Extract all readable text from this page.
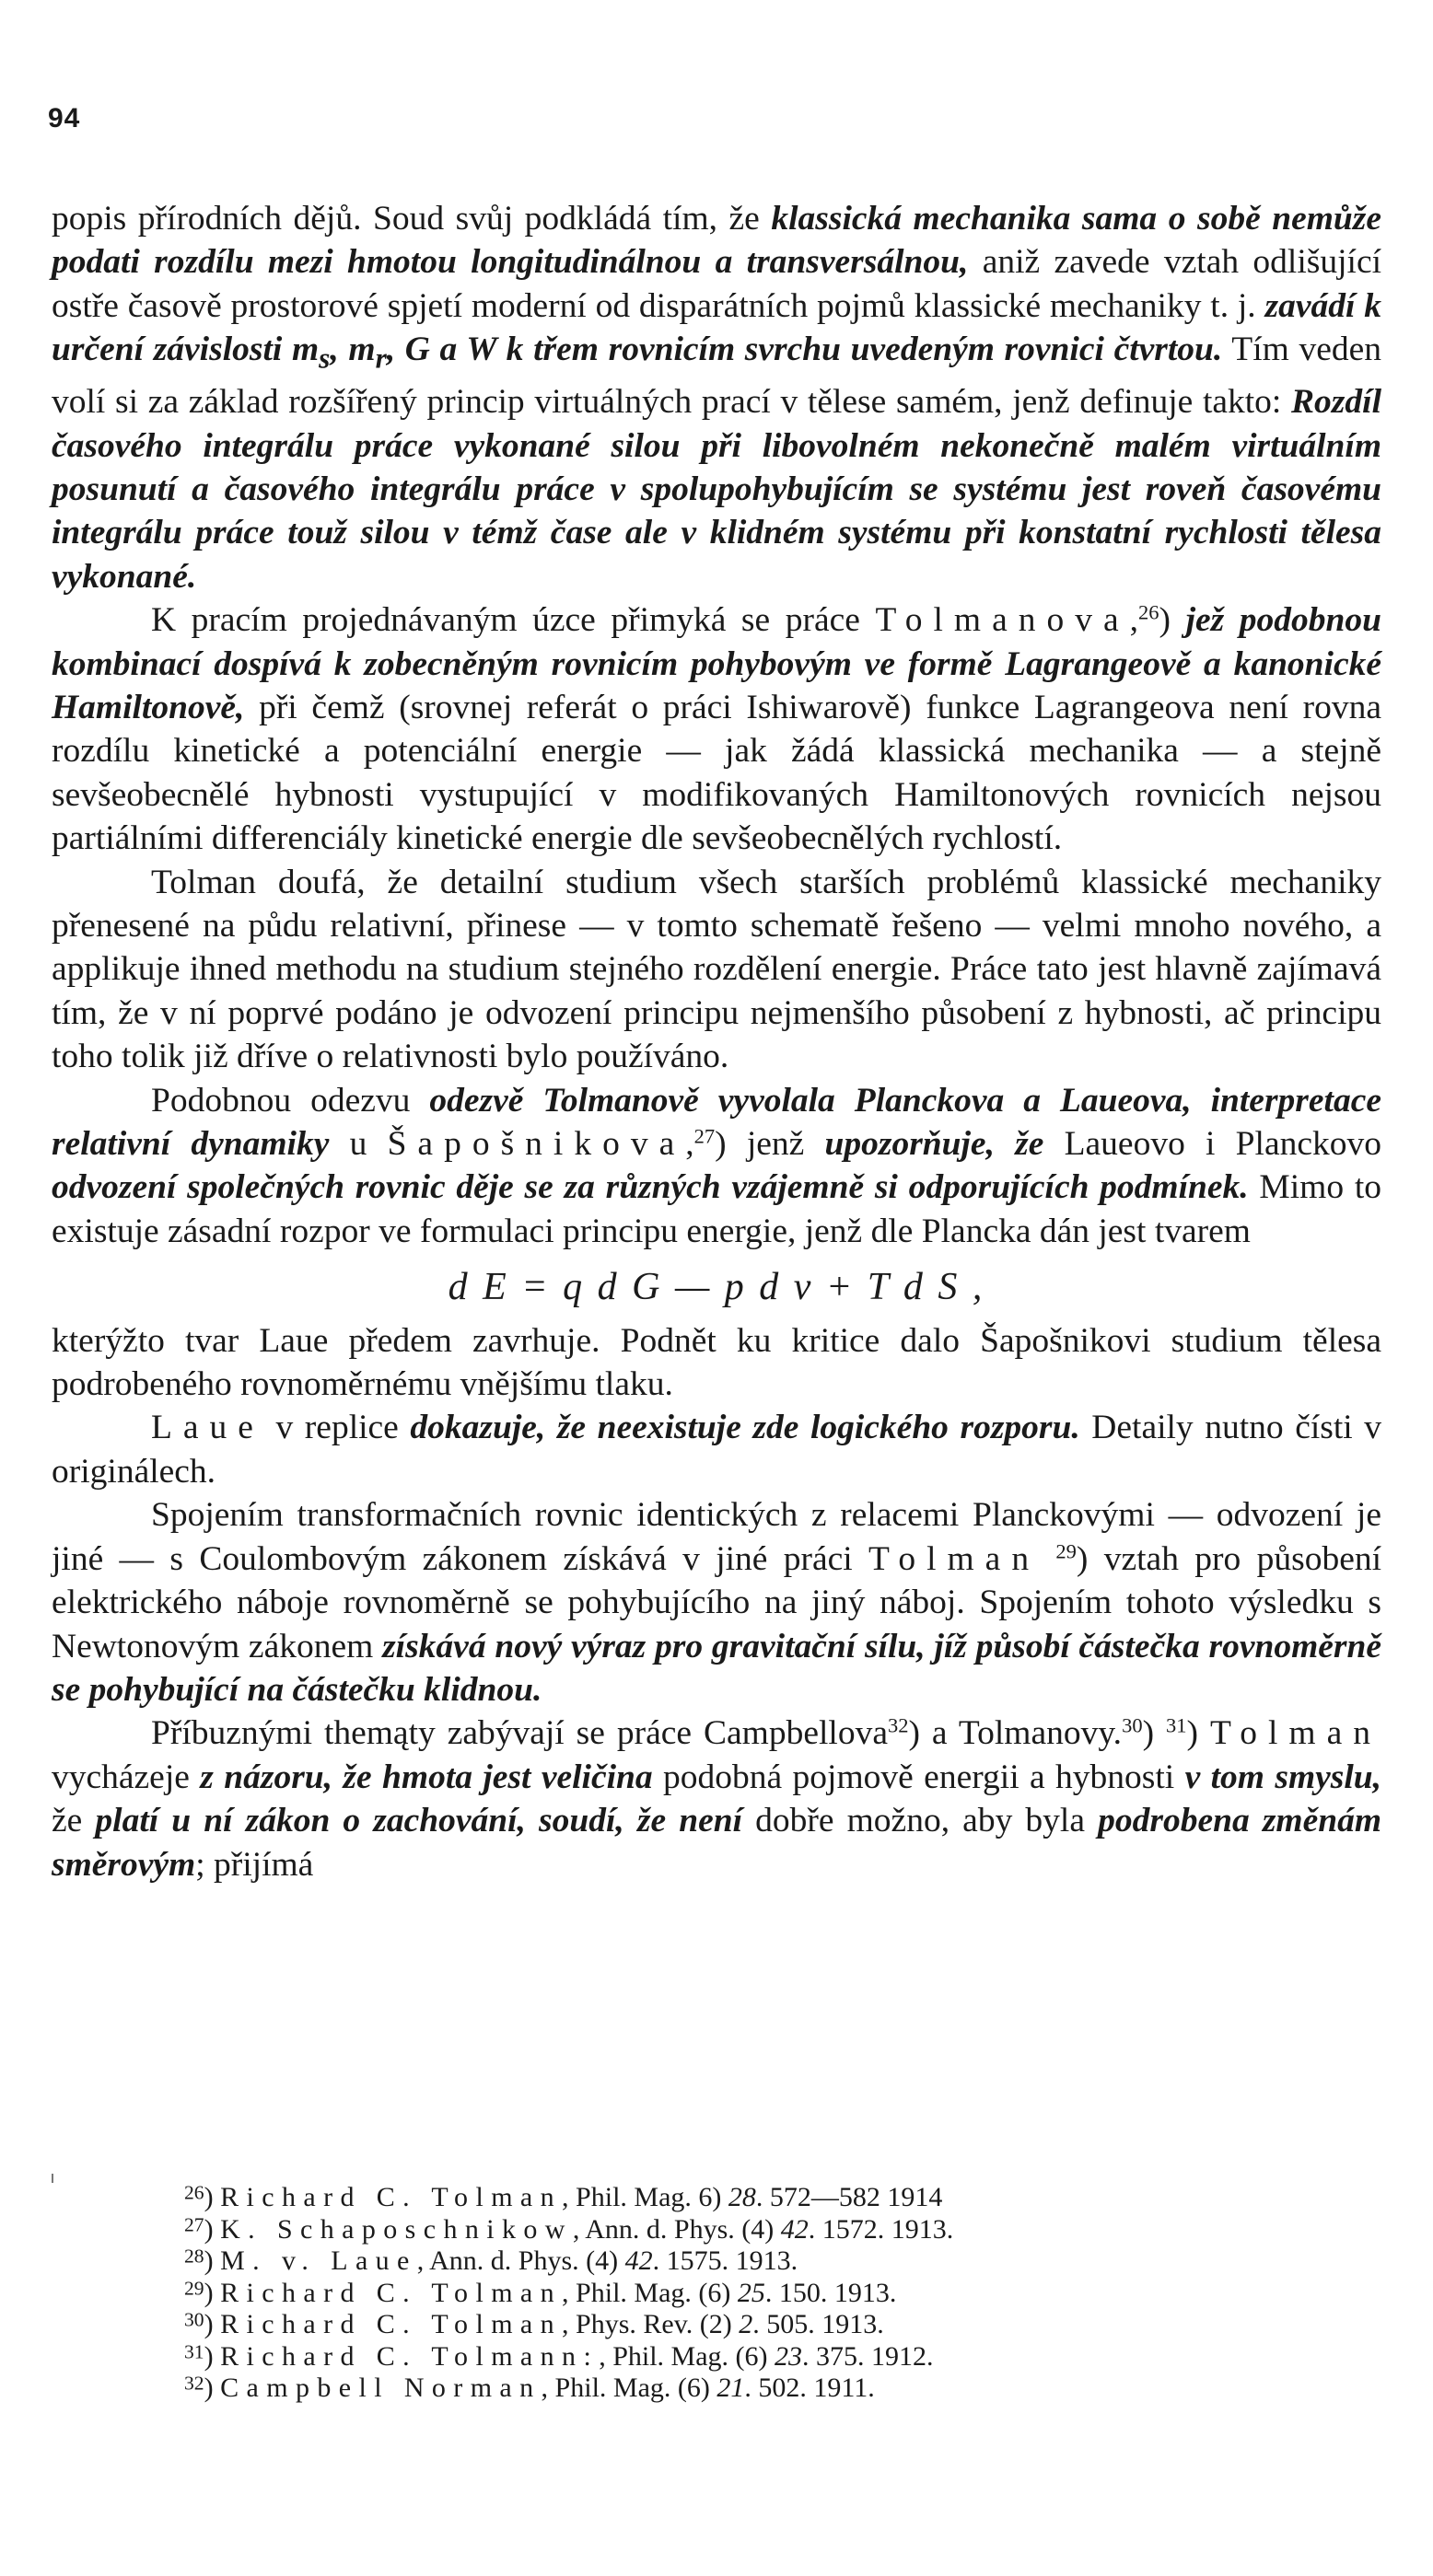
94

popis přírodních dějů. Soud svůj podkládá tím, že klassická mechanika sama o sobě nemůže podati rozdílu mezi hmotou longitudinálnou a transversálnou, aniž zavede vztah odlišující ostře časově prostorové spjetí moderní od disparátních pojmů klassické mechaniky t. j. zavádí k určení závislosti $m_s$, $m_r$, G a W k třem rovnicím svrchu uvedeným rovnici čtvrtou. Tím veden volí si za základ rozšířený princip virtuálných prací v tělese samém, jenž definuje takto: Rozdíl časového integrálu práce vykonané silou při libovolném nekonečně malém virtuálním posunutí a časového integrálu práce v spolupohybujícím se systému jest roveň časovému integrálu práce touž silou v témž čase ale v klidném systému při konstatní rychlosti tělesa vykonané.

K pracím projednávaným úzce přimyká se práce Tolmanova,$^{26}$) jež podobnou kombinací dospívá k zobecněným rovnicím pohybovým ve formě Lagrangeově a kanonické Hamiltonově, při čemž (srovnej referát o práci Ishiwarově) funkce Lagrangeova není rovna rozdílu kinetické a potenciální energie — jak žádá klassická mechanika — a stejně sevšeobecnělé hybnosti vystupující v modifikovaných Hamiltonových rovnicích nejsou partiálními differenciály kinetické energie dle sevšeobecnělých rychlostí.

Tolman doufá, že detailní studium všech starších problémů klassické mechaniky přenesené na půdu relativní, přinese — v tomto schematě řešeno — velmi mnoho nového, a applikuje ihned methodu na studium stejného rozdělení energie. Práce tato jest hlavně zajímavá tím, že v ní poprvé podáno je odvození principu nejmenšího působení z hybnosti, ač principu toho tolik již dříve o relativnosti bylo používáno.

Podobnou odezvu odezvě Tolmanově vyvolala Planckova a Laueova, interpretace relativní dynamiky u Šapošnikova,$^{27}$) jenž upozorňuje, že Laueovo i Planckovo odvození společných rovnic děje se za různých vzájemně si odporujících podmínek. Mimo to existuje zásadní rozpor ve formulaci principu energie, jenž dle Plancka dán jest tvarem

d E = q d G — p d v + T d S ,

kterýžto tvar Laue předem zavrhuje. Podnět ku kritice dalo Šapošnikovi studium tělesa podrobeného rovnoměrnému vnějšímu tlaku.

Laue v replice dokazuje, že neexistuje zde logického rozporu. Detaily nutno čísti v originálech.

Spojením transformačních rovnic identických z relacemi Planckovými — odvození je jiné — s Coulombovým zákonem získává v jiné práci Tolman $^{29}$) vztah pro působení elektrického náboje rovnoměrně se pohybujícího na jiný náboj. Spojením tohoto výsledku s Newtonovým zákonem získává nový výraz pro gravitační sílu, jíž působí částečka rovnoměrně se pohybující na částečku klidnou.

Příbuznými themąty zabývají se práce Campbellova$^{32}$) a Tolmanovy.$^{30}$) $^{31}$) Tolman vycházeje z názoru, že hmota jest veličina podobná pojmově energii a hybnosti v tom smyslu, že platí u ní zákon o zachování, soudí, že není dobře možno, aby byla podrobena změnám směrovým; přijímá

$^{26}$) Richard C. Tolman, Phil. Mag. 6) 28. 572—582 1914
$^{27}$) K. Schaposchnikow, Ann. d. Phys. (4) 42. 1572. 1913.
$^{28}$) M. v. Laue, Ann. d. Phys. (4) 42. 1575. 1913.
$^{29}$) Richard C. Tolman, Phil. Mag. (6) 25. 150. 1913.
$^{30}$) Richard C. Tolman, Phys. Rev. (2) 2. 505. 1913.
$^{31}$) Richard C. Tolmann:, Phil. Mag. (6) 23. 375. 1912.
$^{32}$) Campbell Norman, Phil. Mag. (6) 21. 502. 1911.
